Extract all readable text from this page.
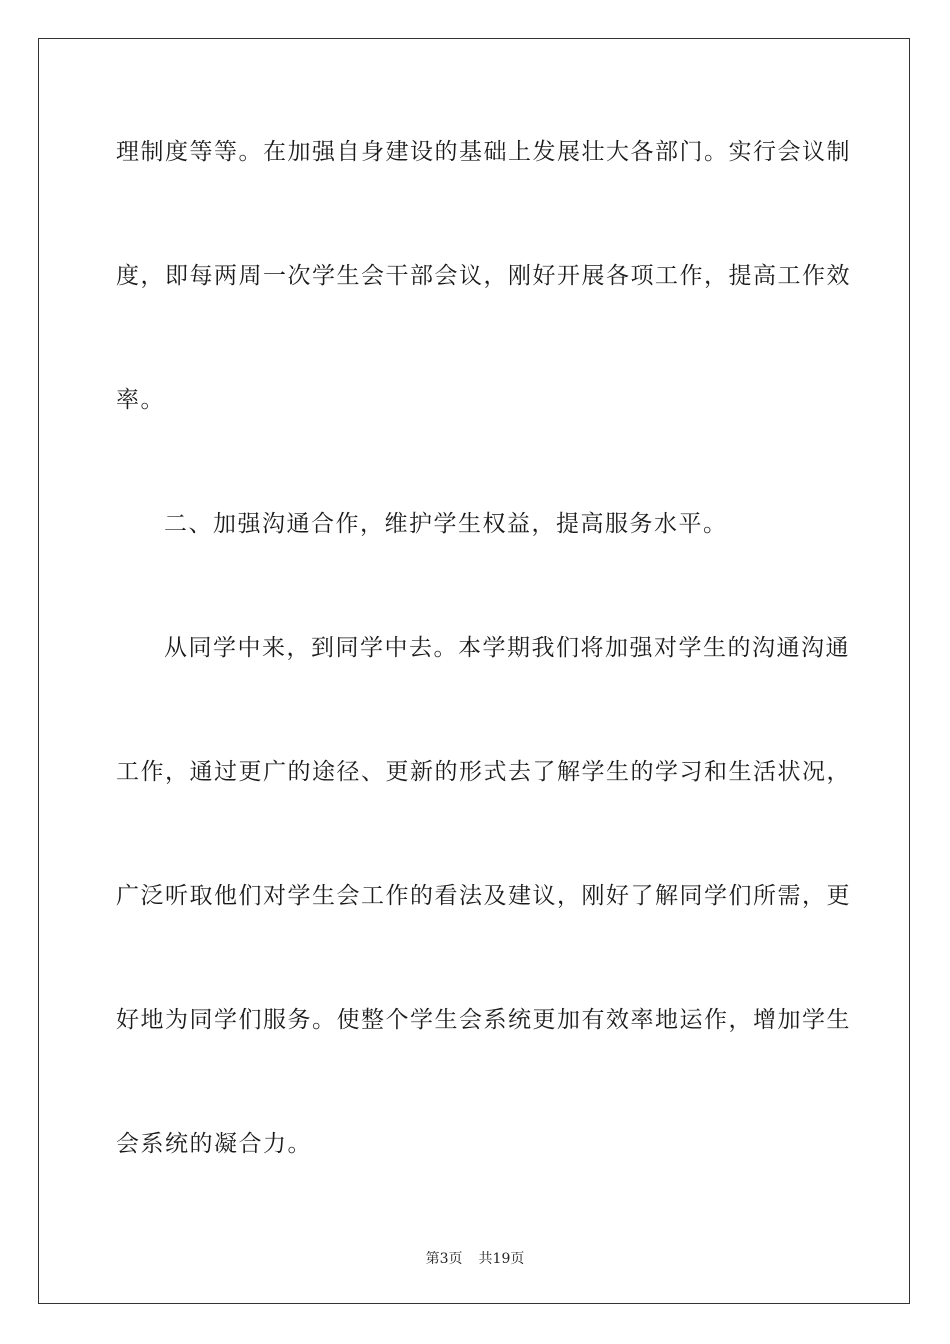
理制度等等。在加强自身建设的基础上发展壮大各部门。实行会议制
度，即每两周一次学生会干部会议，刚好开展各项工作，提高工作效
率。
二、加强沟通合作，维护学生权益，提高服务水平。
从同学中来，到同学中去。本学期我们将加强对学生的沟通沟通
工作，通过更广的途径、更新的形式去了解学生的学习和生活状况，
广泛听取他们对学生会工作的看法及建议，刚好了解同学们所需，更
好地为同学们服务。使整个学生会系统更加有效率地运作，增加学生
会系统的凝合力。
第3页 共19页
